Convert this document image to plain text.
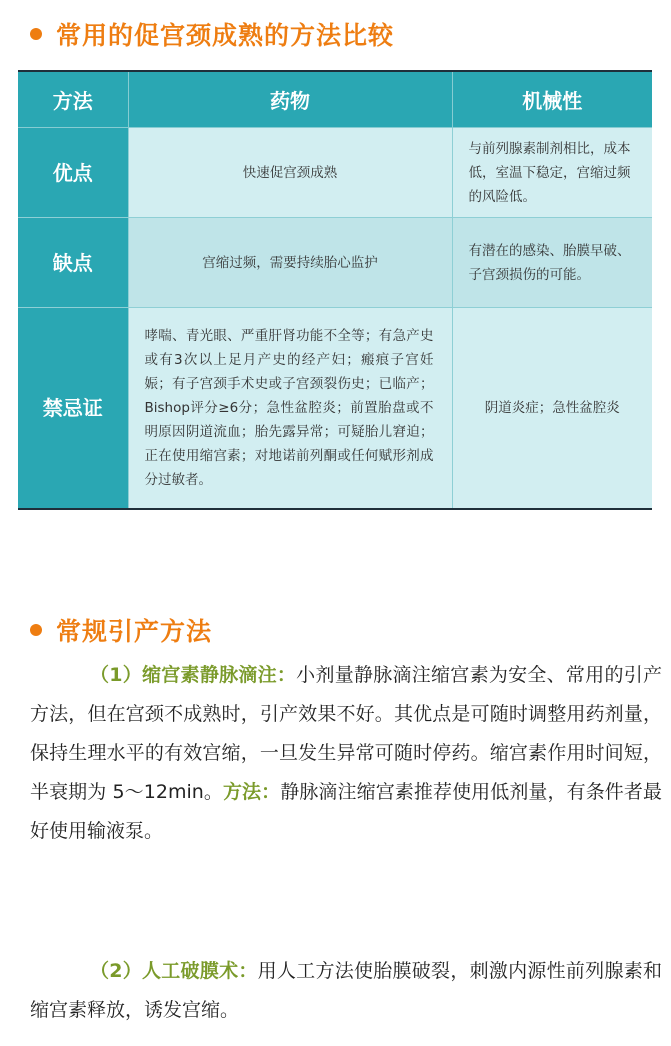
常用的促宫颈成熟的方法比较
方法	药物	机械性
优点	快速促宫颈成熟	与前列腺素制剂相比，成本低，室温下稳定，宫缩过频的风险低。
缺点	宫缩过频，需要持续胎心监护	有潜在的感染、胎膜早破、子宫颈损伤的可能。
禁忌证	哮喘、青光眼、严重肝肾功能不全等；有急产史或有3次以上足月产史的经产妇；瘢痕子宫妊娠；有子宫颈手术史或子宫颈裂伤史；已临产；Bishop评分≥6分；急性盆腔炎；前置胎盘或不明原因阴道流血；胎先露异常；可疑胎儿窘迫；正在使用缩宫素；对地诺前列酮或任何赋形剂成分过敏者。	阴道炎症；急性盆腔炎
常规引产方法
（1）缩宫素静脉滴注：小剂量静脉滴注缩宫素为安全、常用的引产方法，但在宫颈不成熟时，引产效果不好。其优点是可随时调整用药剂量，保持生理水平的有效宫缩，一旦发生异常可随时停药。缩宫素作用时间短，半衰期为 5～12min。方法：静脉滴注缩宫素推荐使用低剂量，有条件者最好使用输液泵。
（2）人工破膜术：用人工方法使胎膜破裂，刺激内源性前列腺素和缩宫素释放，诱发宫缩。
